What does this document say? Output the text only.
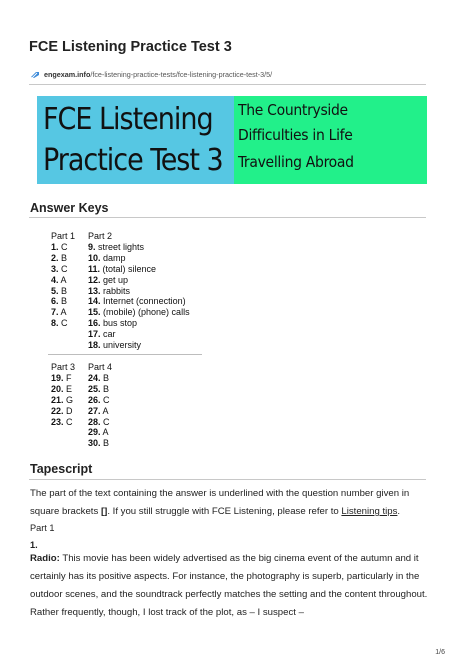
FCE Listening Practice Test 3
engexam.info /fce-listening-practice-tests/fce-listening-practice-test-3/5/
FCE Listening
Practice Test 3
The Countryside
Difficulties in Life
Travelling Abroad
Answer Keys
Part 1
1. C
2. B
3. C
4. A
5. B
6. B
7. A
8. C
Part 2
9. street lights
10. damp
11. (total) silence
12. get up
13. rabbits
14. Internet (connection)
15. (mobile) (phone) calls
16. bus stop
17. car
18. university
Part 3
19. F
20. E
21. G
22. D
23. C
Part 4
24. B
25. B
26. C
27. A
28. C
29. A
30. B
Tapescript
The part of the text containing the answer is underlined with the question number given in square brackets []. If you still struggle with FCE Listening, please refer to Listening tips.
Part 1
1.
Radio: This movie has been widely advertised as the big cinema event of the autumn and it certainly has its positive aspects. For instance, the photography is superb, particularly in the outdoor scenes, and the soundtrack perfectly matches the setting and the content throughout. Rather frequently, though, I lost track of the plot, as – I suspect –
1/6
